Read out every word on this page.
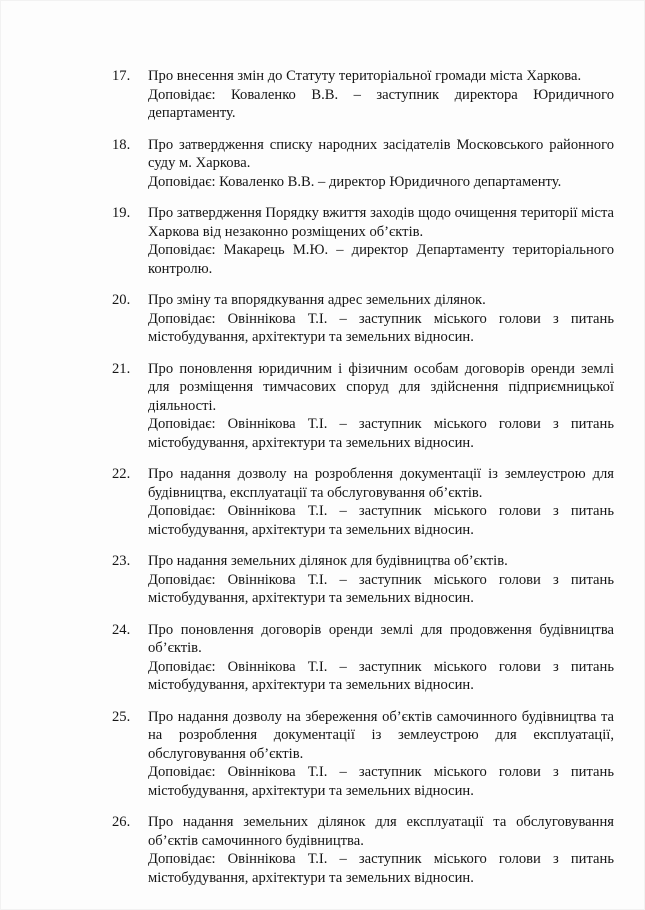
17.	Про внесення змін до Статуту територіальної громади міста Харкова.
Доповідає: Коваленко В.В. – заступник директора Юридичного департаменту.
18.	Про затвердження списку народних засідателів Московського районного суду м. Харкова.
Доповідає: Коваленко В.В. – директор Юридичного департаменту.
19.	Про затвердження Порядку вжиття заходів щодо очищення території міста Харкова від незаконно розміщених об’єктів.
Доповідає: Макарець М.Ю. – директор Департаменту територіального контролю.
20.	Про зміну та впорядкування адрес земельних ділянок.
Доповідає: Овіннікова Т.І. – заступник міського голови з питань містобудування, архітектури та земельних відносин.
21.	Про поновлення юридичним і фізичним особам договорів оренди землі для розміщення тимчасових споруд для здійснення підприємницької діяльності.
Доповідає: Овіннікова Т.І. – заступник міського голови з питань містобудування, архітектури та земельних відносин.
22.	Про надання дозволу на розроблення документації із землеустрою для будівництва, експлуатації та обслуговування об’єктів.
Доповідає: Овіннікова Т.І. – заступник міського голови з питань містобудування, архітектури та земельних відносин.
23.	Про надання земельних ділянок для будівництва об’єктів.
Доповідає: Овіннікова Т.І. – заступник міського голови з питань містобудування, архітектури та земельних відносин.
24.	Про поновлення договорів оренди землі для продовження будівництва об’єктів.
Доповідає: Овіннікова Т.І. – заступник міського голови з питань містобудування, архітектури та земельних відносин.
25.	Про надання дозволу на збереження об’єктів самочинного будівництва та на розроблення документації із землеустрою для експлуатації, обслуговування об’єктів.
Доповідає: Овіннікова Т.І. – заступник міського голови з питань містобудування, архітектури та земельних відносин.
26.	Про надання земельних ділянок для експлуатації та обслуговування об’єктів самочинного будівництва.
Доповідає: Овіннікова Т.І. – заступник міського голови з питань містобудування, архітектури та земельних відносин.
